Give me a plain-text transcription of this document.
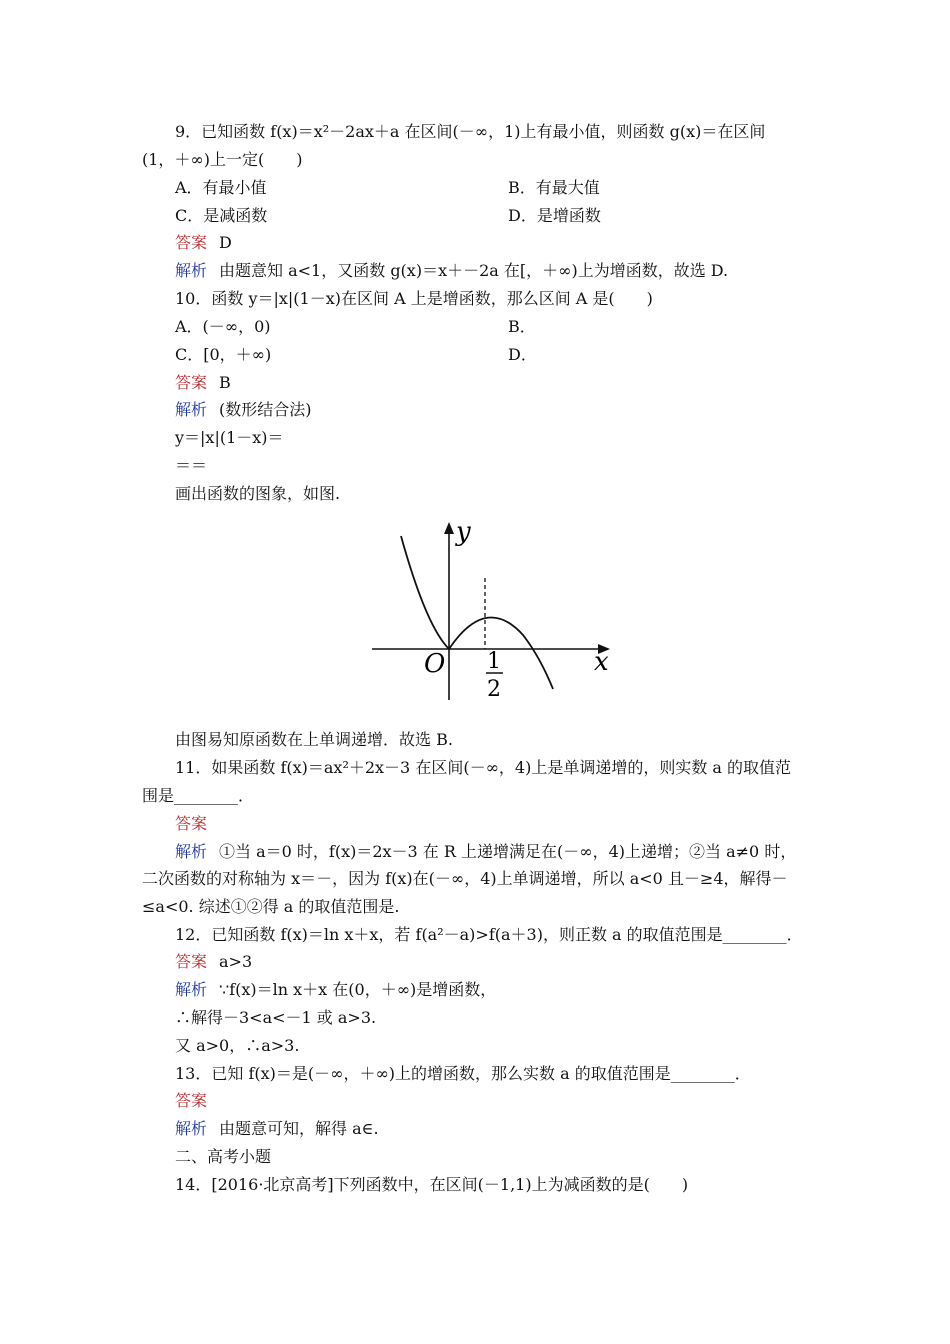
9．已知函数 f(x)＝x²－2ax＋a 在区间(－∞，1)上有最小值，则函数 g(x)＝在区间
(1，＋∞)上一定(　　)
A．有最小值	B．有最大值
C．是减函数	D．是增函数
答案 D
解析 由题意知 a<1，又函数 g(x)＝x＋－2a 在[，＋∞)上为增函数，故选 D.
10．函数 y＝|x|(1－x)在区间 A 上是增函数，那么区间 A 是(　　)
A．(－∞，0)	B．
C．[0，＋∞)	D．
答案 B
解析 (数形结合法)
y＝|x|(1－x)＝
＝＝
画出函数的图象，如图.
y
x
O 1
2
由图易知原函数在上单调递增．故选 B.
11．如果函数 f(x)＝ax²＋2x－3 在区间(－∞，4)上是单调递增的，则实数 a 的取值范
围是________．
答案
解析 ①当 a＝0 时，f(x)＝2x－3 在 R 上递增满足在(－∞，4)上递增；②当 a≠0 时，
二次函数的对称轴为 x＝－，因为 f(x)在(－∞，4)上单调递增，所以 a<0 且－≥4，解得－
≤a<0. 综述①②得 a 的取值范围是.
12．已知函数 f(x)＝ln x＋x，若 f(a²－a)>f(a＋3)，则正数 a 的取值范围是________．
答案 a>3
解析 ∵f(x)＝ln x＋x 在(0，＋∞)是增函数，
∴解得－3<a<－1 或 a>3.
又 a>0，∴a>3.
13．已知 f(x)＝是(－∞，＋∞)上的增函数，那么实数 a 的取值范围是________．
答案
解析 由题意可知，解得 a∈.
二、高考小题
14．[2016·北京高考]下列函数中，在区间(－1,1)上为减函数的是(　　)
